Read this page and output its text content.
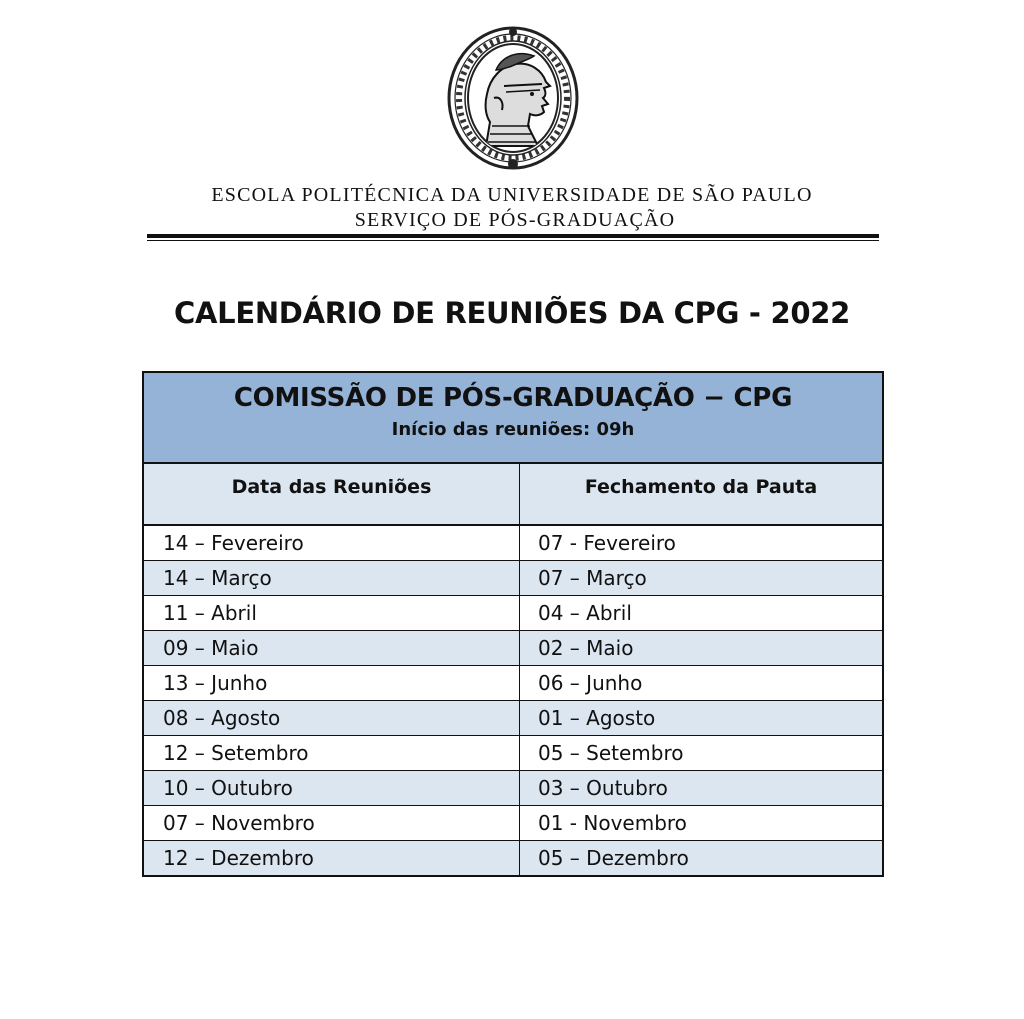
ESCOLA POLITÉCNICA DA UNIVERSIDADE DE SÃO PAULO
SERVIÇO DE PÓS-GRADUAÇÃO
CALENDÁRIO DE REUNIÕES DA CPG - 2022
COMISSÃO DE PÓS-GRADUAÇÃO − CPG
Início das reuniões: 09h
Data das Reuniões	Fechamento da Pauta
14 – Fevereiro	07 - Fevereiro
14 – Março	07 – Março
11 – Abril	04 – Abril
09 – Maio	02 – Maio
13 – Junho	06 – Junho
08 – Agosto	01 – Agosto
12 – Setembro	05 – Setembro
10 – Outubro	03 – Outubro
07 – Novembro	01 - Novembro
12 – Dezembro	05 – Dezembro
